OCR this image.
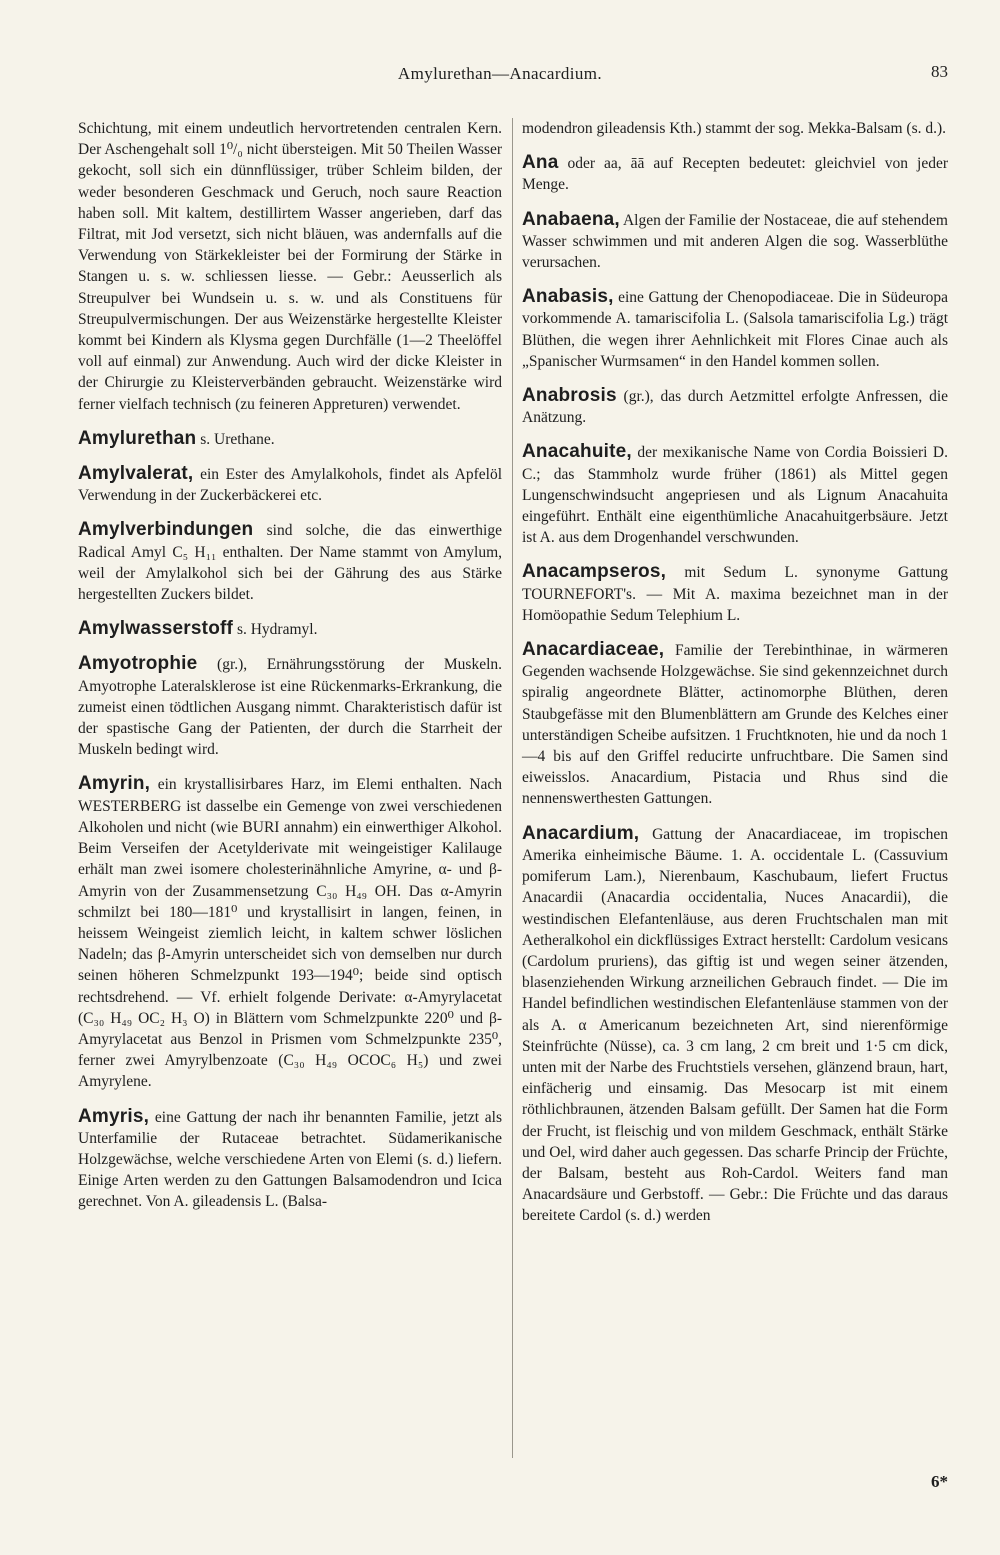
Amylurethan—Anacardium.	83

Schichtung, mit einem undeutlich hervortretenden centralen Kern. Der Aschengehalt soll 1⁰/₀ nicht übersteigen. Mit 50 Theilen Wasser gekocht, soll sich ein dünnflüssiger, trüber Schleim bilden, der weder besonderen Geschmack und Geruch, noch saure Reaction haben soll. Mit kaltem, destillirtem Wasser angerieben, darf das Filtrat, mit Jod versetzt, sich nicht bläuen, was andernfalls auf die Verwendung von Stärkekleister bei der Formirung der Stärke in Stangen u. s. w. schliessen liesse. — Gebr.: Aeusserlich als Streupulver bei Wundsein u. s. w. und als Constituens für Streupulvermischungen. Der aus Weizenstärke hergestellte Kleister kommt bei Kindern als Klysma gegen Durchfälle (1—2 Theelöffel voll auf einmal) zur Anwendung. Auch wird der dicke Kleister in der Chirurgie zu Kleisterverbänden gebraucht. Weizenstärke wird ferner vielfach technisch (zu feineren Appreturen) verwendet.

Amylurethan s. Urethane.

Amylvalerat, ein Ester des Amylalkohols, findet als Apfelöl Verwendung in der Zuckerbäckerei etc.

Amylverbindungen sind solche, die das einwerthige Radical Amyl C₅ H₁₁ enthalten. Der Name stammt von Amylum, weil der Amylalkohol sich bei der Gährung des aus Stärke hergestellten Zuckers bildet.

Amylwasserstoff s. Hydramyl.

Amyotrophie (gr.), Ernährungsstörung der Muskeln. Amyotrophe Lateralsklerose ist eine Rückenmarks-Erkrankung, die zumeist einen tödtlichen Ausgang nimmt. Charakteristisch dafür ist der spastische Gang der Patienten, der durch die Starrheit der Muskeln bedingt wird.

Amyrin, ein krystallisirbares Harz, im Elemi enthalten. Nach WESTERBERG ist dasselbe ein Gemenge von zwei verschiedenen Alkoholen und nicht (wie BURI annahm) ein einwerthiger Alkohol. Beim Verseifen der Acetylderivate mit weingeistiger Kalilauge erhält man zwei isomere cholesterinähnliche Amyrine, α- und β-Amyrin von der Zusammensetzung C₃₀ H₄₉ OH. Das α-Amyrin schmilzt bei 180—181⁰ und krystallisirt in langen, feinen, in heissem Weingeist ziemlich leicht, in kaltem schwer löslichen Nadeln; das β-Amyrin unterscheidet sich von demselben nur durch seinen höheren Schmelzpunkt 193—194⁰; beide sind optisch rechtsdrehend. — Vf. erhielt folgende Derivate: α-Amyrylacetat (C₃₀ H₄₉ OC₂ H₃ O) in Blättern vom Schmelzpunkte 220⁰ und β-Amyrylacetat aus Benzol in Prismen vom Schmelzpunkte 235⁰, ferner zwei Amyrylbenzoate (C₃₀ H₄₉ OCOC₆ H₅) und zwei Amyrylene.

Amyris, eine Gattung der nach ihr benannten Familie, jetzt als Unterfamilie der Rutaceae betrachtet. Südamerikanische Holzgewächse, welche verschiedene Arten von Elemi (s. d.) liefern. Einige Arten werden zu den Gattungen Balsamodendron und Icica gerechnet. Von A. gileadensis L. (Balsa-

modendron gileadensis Kth.) stammt der sog. Mekka-Balsam (s. d.).

Ana oder aa, āā auf Recepten bedeutet: gleichviel von jeder Menge.

Anabaena, Algen der Familie der Nostaceae, die auf stehendem Wasser schwimmen und mit anderen Algen die sog. Wasserblüthe verursachen.

Anabasis, eine Gattung der Chenopodiaceae. Die in Südeuropa vorkommende A. tamariscifolia L. (Salsola tamariscifolia Lg.) trägt Blüthen, die wegen ihrer Aehnlichkeit mit Flores Cinae auch als „Spanischer Wurmsamen“ in den Handel kommen sollen.

Anabrosis (gr.), das durch Aetzmittel erfolgte Anfressen, die Anätzung.

Anacahuite, der mexikanische Name von Cordia Boissieri D. C.; das Stammholz wurde früher (1861) als Mittel gegen Lungenschwindsucht angepriesen und als Lignum Anacahuita eingeführt. Enthält eine eigenthümliche Anacahuitgerbsäure. Jetzt ist A. aus dem Drogenhandel verschwunden.

Anacampseros, mit Sedum L. synonyme Gattung TOURNEFORT's. — Mit A. maxima bezeichnet man in der Homöopathie Sedum Telephium L.

Anacardiaceae, Familie der Terebinthinae, in wärmeren Gegenden wachsende Holzgewächse. Sie sind gekennzeichnet durch spiralig angeordnete Blätter, actinomorphe Blüthen, deren Staubgefässe mit den Blumenblättern am Grunde des Kelches einer unterständigen Scheibe aufsitzen. 1 Fruchtknoten, hie und da noch 1—4 bis auf den Griffel reducirte unfruchtbare. Die Samen sind eiweisslos. Anacardium, Pistacia und Rhus sind die nennenswerthesten Gattungen.

Anacardium, Gattung der Anacardiaceae, im tropischen Amerika einheimische Bäume. 1. A. occidentale L. (Cassuvium pomiferum Lam.), Nierenbaum, Kaschubaum, liefert Fructus Anacardii (Anacardia occidentalia, Nuces Anacardii), die westindischen Elefantenläuse, aus deren Fruchtschalen man mit Aetheralkohol ein dickflüssiges Extract herstellt: Cardolum vesicans (Cardolum pruriens), das giftig ist und wegen seiner ätzenden, blasenziehenden Wirkung arzneilichen Gebrauch findet. — Die im Handel befindlichen westindischen Elefantenläuse stammen von der als A. α Americanum bezeichneten Art, sind nierenförmige Steinfrüchte (Nüsse), ca. 3 cm lang, 2 cm breit und 1·5 cm dick, unten mit der Narbe des Fruchtstiels versehen, glänzend braun, hart, einfächerig und einsamig. Das Mesocarp ist mit einem röthlichbraunen, ätzenden Balsam gefüllt. Der Samen hat die Form der Frucht, ist fleischig und von mildem Geschmack, enthält Stärke und Oel, wird daher auch gegessen. Das scharfe Princip der Früchte, der Balsam, besteht aus Roh-Cardol. Weiters fand man Anacardsäure und Gerbstoff. — Gebr.: Die Früchte und das daraus bereitete Cardol (s. d.) werden

6*
